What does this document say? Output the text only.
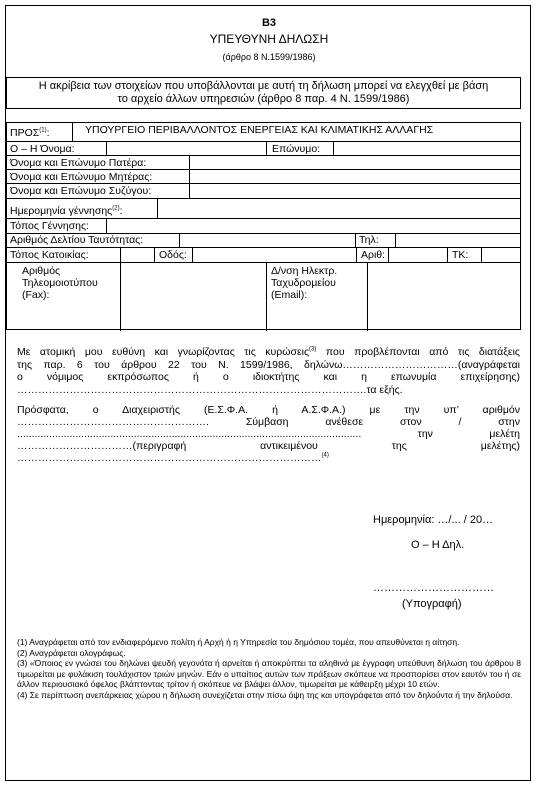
B3
ΥΠΕΥΘΥΝΗ ΔΗΛΩΣΗ
(άρθρο 8 Ν.1599/1986)
Η ακρίβεια των στοιχείων που υποβάλλονται με αυτή τη δήλωση μπορεί να ελεγχθεί με βάση
το αρχείο άλλων υπηρεσιών (άρθρο 8 παρ. 4 Ν. 1599/1986)
ΠΡΟΣ$^{(1)}$:	ΥΠΟΥΡΓΕΙΟ ΠΕΡΙΒΑΛΛΟΝΤΟΣ ΕΝΕΡΓΕΙΑΣ ΚΑΙ ΚΛΙΜΑΤΙΚΗΣ ΑΛΛΑΓΗΣ
Ο – Η Όνομα:	Επώνυμο:
Όνομα και Επώνυμο Πατέρα:
Όνομα και Επώνυμο Μητέρας:
Όνομα και Επώνυμο Συζύγου:
Ημερομηνία γέννησης$^{(2)}$:
Τόπος Γέννησης:
Αριθμός Δελτίου Ταυτότητας:	Τηλ:
Τόπος Κατοικίας:	Οδός:	Αριθ:	ΤΚ:
Αριθμός
Τηλεομοιοτύπου
(Fax):
Δ/νση Ηλεκτρ.
Ταχυδρομείου
(Email):
Με ατομική μου ευθύνη και γνωρίζοντας τις κυρώσεις$^{(3)}$ που προβλέπονται από τις διατάξεις
της παρ. 6 του άρθρου 22 του Ν. 1599/1986, δηλώνω……………………………(αναγράφεται
ο νόμιμος εκπρόσωπος ή ο ιδιοκτήτης και η επωνυμία επιχείρησης)
……………………………………………………………………………………….τα εξής.
Πρόσφατα, ο Διαχειριστής (Ε.Σ.Φ.Α. ή Α.Σ.Φ.Α.) με την υπ’ αριθμόν
………………………………………………. Σύμβαση ανέθεσε στον / στην
...................................................................................................................... την μελέτη
……………………………(περιγραφή αντικειμένου της μελέτης)
……………………………………………………………………………$^{(4)}$
Ημερομηνία: …/... / 20…
Ο – Η Δηλ.
……………………………
(Υπογραφή)

(1) Αναγράφεται από τον ενδιαφερόμενο πολίτη ή Αρχή ή η Υπηρεσία του δημόσιου τομέα, που απευθύνεται η αίτηση.

(2) Αναγράφεται ολογράφως.

(3) «Όποιος εν γνώσει του δηλώνει ψευδή γεγονότα ή αρνείται ή αποκρύπτει τα αληθινά με έγγραφη υπεύθυνη δήλωση του άρθρου 8 τιμωρείται με φυλάκιση τουλάχιστον τριών μηνών. Εάν ο υπαίτιος αυτών των πράξεων σκόπευε να προσπορίσει στον εαυτόν του ή σε άλλον περιουσιακό όφελος βλάπτοντας τρίτον ή σκόπευε να βλάψει άλλον, τιμωρείται με κάθειρξη μέχρι 10 ετών.

(4) Σε περίπτωση ανεπάρκειας χώρου η δήλωση συνεχίζεται στην πίσω όψη της και υπογράφεται από τον δηλούντα ή την δηλούσα.
